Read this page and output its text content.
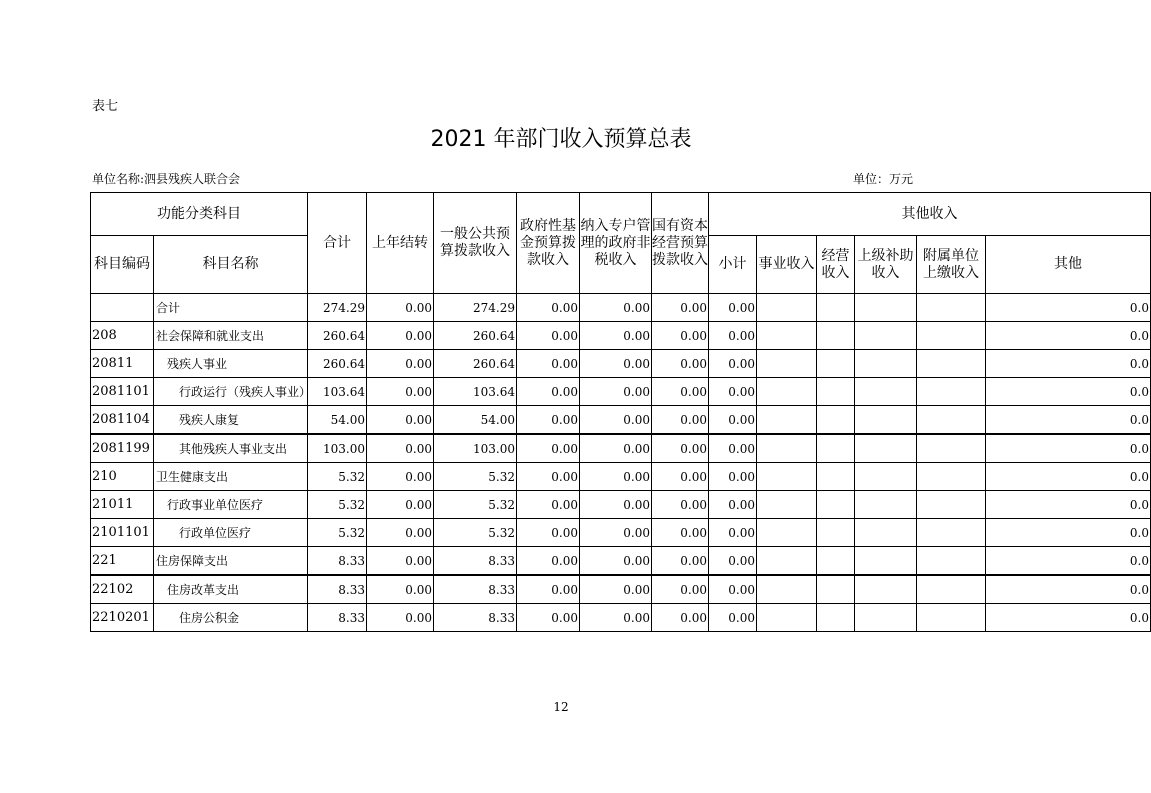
表七
2021 年部门收入预算总表
单位名称:泗县残疾人联合会	单位：万元
功能分类科目		合计	上年结转	一般公共预算拨款收入	政府性基金预算拨款收入	纳入专户管理的政府非税收入	国有资本经营预算拨款收入	其他收入					
科目编码	科目名称							小计	事业收入	经营收入	上级补助收入	附属单位上缴收入	其他
	合计	274.29	0.00	274.29	0.00	0.00	0.00	0.00					0.0
208	社会保障和就业支出	260.64	0.00	260.64	0.00	0.00	0.00	0.00					0.0
20811	残疾人事业	260.64	0.00	260.64	0.00	0.00	0.00	0.00					0.0
2081101	行政运行（残疾人事业）	103.64	0.00	103.64	0.00	0.00	0.00	0.00					0.0
2081104	残疾人康复	54.00	0.00	54.00	0.00	0.00	0.00	0.00					0.0
2081199	其他残疾人事业支出	103.00	0.00	103.00	0.00	0.00	0.00	0.00					0.0
210	卫生健康支出	5.32	0.00	5.32	0.00	0.00	0.00	0.00					0.0
21011	行政事业单位医疗	5.32	0.00	5.32	0.00	0.00	0.00	0.00					0.0
2101101	行政单位医疗	5.32	0.00	5.32	0.00	0.00	0.00	0.00					0.0
221	住房保障支出	8.33	0.00	8.33	0.00	0.00	0.00	0.00					0.0
22102	住房改革支出	8.33	0.00	8.33	0.00	0.00	0.00	0.00					0.0
2210201	住房公积金	8.33	0.00	8.33	0.00	0.00	0.00	0.00					0.0
12
